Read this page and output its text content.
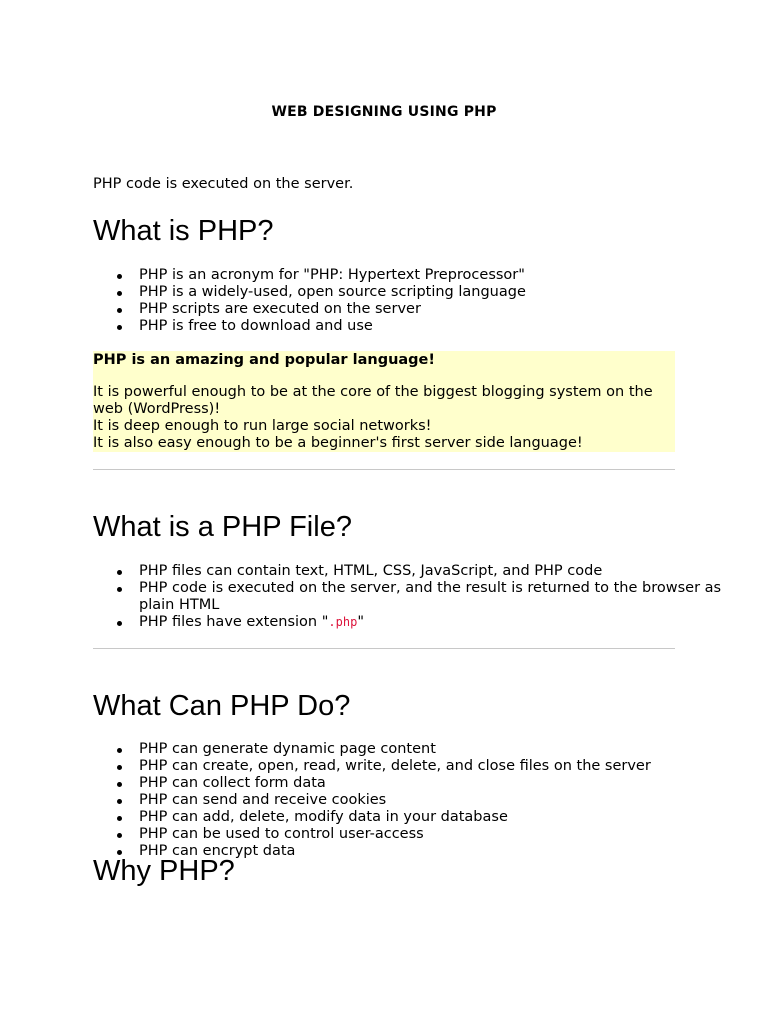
WEB DESIGNING USING PHP

PHP code is executed on the server.

What is PHP?
PHP is an acronym for "PHP: Hypertext Preprocessor"
PHP is a widely-used, open source scripting language
PHP scripts are executed on the server
PHP is free to download and use

PHP is an amazing and popular language!

It is powerful enough to be at the core of the biggest blogging system on the web (WordPress)!
It is deep enough to run large social networks!
It is also easy enough to be a beginner's first server side language!

What is a PHP File?
PHP files can contain text, HTML, CSS, JavaScript, and PHP code
PHP code is executed on the server, and the result is returned to the browser as plain HTML
PHP files have extension ".php"
What Can PHP Do?
PHP can generate dynamic page content
PHP can create, open, read, write, delete, and close files on the server
PHP can collect form data
PHP can send and receive cookies
PHP can add, delete, modify data in your database
PHP can be used to control user-access
PHP can encrypt data
Why PHP?
